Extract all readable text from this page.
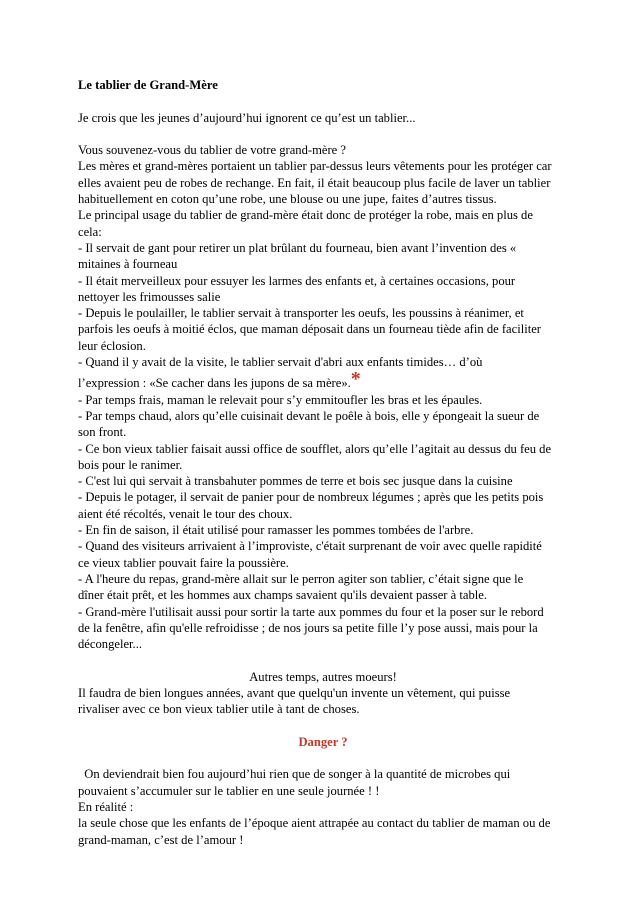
Le tablier de Grand-Mère

Je crois que les jeunes d’aujourd’hui ignorent ce qu’est un tablier...

Vous souvenez-vous du tablier de votre grand-mère ?

Les mères et grand-mères portaient un tablier par-dessus leurs vêtements pour les protéger car

elles avaient peu de robes de rechange. En fait, il était beaucoup plus facile de laver un tablier

habituellement en coton qu’une robe, une blouse ou une jupe, faites d’autres tissus.

Le principal usage du tablier de grand-mère était donc de protéger la robe, mais en plus de

cela:

- Il servait de gant pour retirer un plat brûlant du fourneau, bien avant l’invention des «

mitaines à fourneau

- Il était merveilleux pour essuyer les larmes des enfants et, à certaines occasions, pour

nettoyer les frimousses salie

- Depuis le poulailler, le tablier servait à transporter les oeufs, les poussins à réanimer, et

parfois les oeufs à moitié éclos, que maman déposait dans un fourneau tiède afin de faciliter

leur éclosion.

- Quand il y avait de la visite, le tablier servait d'abri aux enfants timides… d’où

l’expression : «Se cacher dans les jupons de sa mère».*

- Par temps frais, maman le relevait pour s’y emmitoufler les bras et les épaules.

- Par temps chaud, alors qu’elle cuisinait devant le poêle à bois, elle y épongeait la sueur de

son front.

- Ce bon vieux tablier faisait aussi office de soufflet, alors qu’elle l’agitait au dessus du feu de

bois pour le ranimer.

- C'est lui qui servait à transbahuter pommes de terre et bois sec jusque dans la cuisine

- Depuis le potager, il servait de panier pour de nombreux légumes ; après que les petits pois

aient été récoltés, venait le tour des choux.

- En fin de saison, il était utilisé pour ramasser les pommes tombées de l'arbre.

- Quand des visiteurs arrivaient à l’improviste, c'était surprenant de voir avec quelle rapidité

ce vieux tablier pouvait faire la poussière.

- A l'heure du repas, grand-mère allait sur le perron agiter son tablier, c’était signe que le

dîner était prêt, et les hommes aux champs savaient qu'ils devaient passer à table.

- Grand-mère l'utilisait aussi pour sortir la tarte aux pommes du four et la poser sur le rebord

de la fenêtre, afin qu'elle refroidisse ; de nos jours sa petite fille l’y pose aussi, mais pour la

décongeler...

Autres temps, autres moeurs!

Il faudra de bien longues années, avant que quelqu'un invente un vêtement, qui puisse

rivaliser avec ce bon vieux tablier utile à tant de choses.

Danger ?

On deviendrait bien fou aujourd’hui rien que de songer à la quantité de microbes qui

pouvaient s’accumuler sur le tablier en une seule journée ! !

En réalité :

la seule chose que les enfants de l’époque aient attrapée au contact du tablier de maman ou de

grand-maman, c’est de l’amour !
